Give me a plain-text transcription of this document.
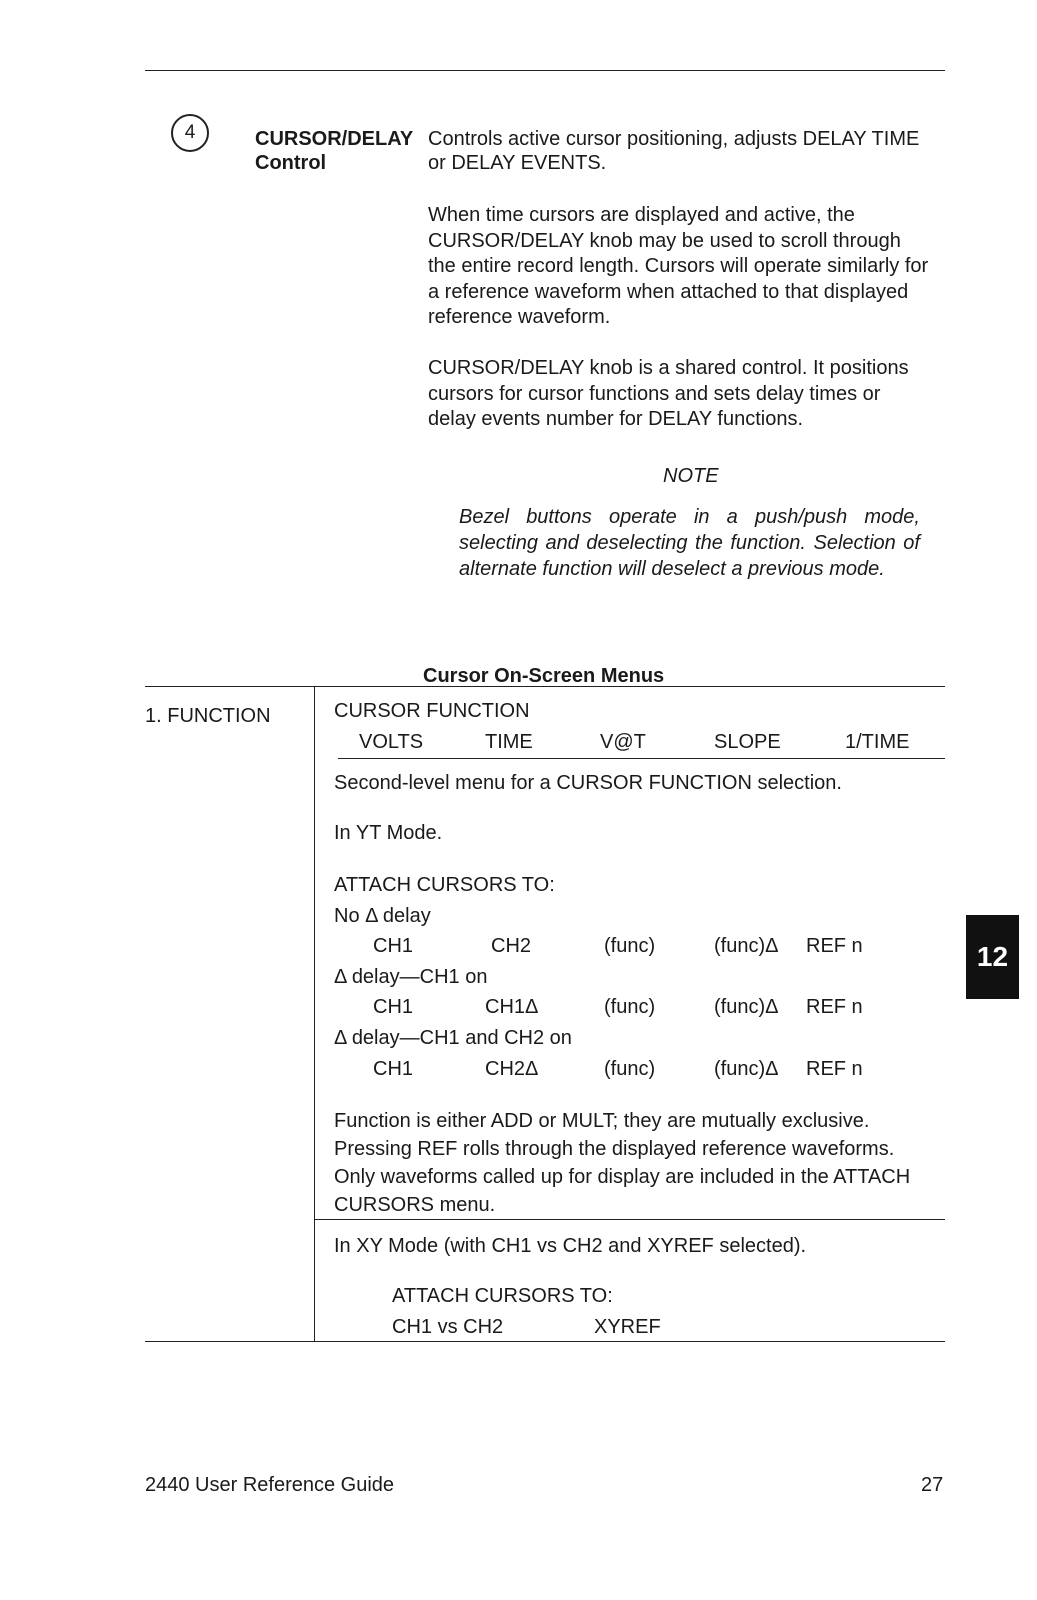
4	CURSOR/DELAY
Control
Controls active cursor positioning, adjusts DELAY TIME
or DELAY EVENTS.
When time cursors are displayed and active, the
CURSOR/DELAY knob may be used to scroll through
the entire record length. Cursors will operate similarly for
a reference waveform when attached to that displayed
reference waveform.
CURSOR/DELAY knob is a shared control. It positions
cursors for cursor functions and sets delay times or
delay events number for DELAY functions.
NOTE

Bezel buttons operate in a push/push mode, selecting and deselecting the function. Selection of alternate function will deselect a previous mode.

Cursor On-Screen Menus
1. FUNCTION	CURSOR FUNCTION
VOLTS	TIME	V@T	SLOPE	1/TIME
Second-level menu for a CURSOR FUNCTION selection.
In YT Mode.
ATTACH CURSORS TO:
No Δ delay
CH1	CH2	(func)	(func)Δ REF n
Δ delay—CH1 on
CH1	CH1Δ	(func)	(func)Δ REF n
Δ delay—CH1 and CH2 on
CH1	CH2Δ	(func)	(func)Δ REF n
Function is either ADD or MULT; they are mutually exclusive.
Pressing REF rolls through the displayed reference waveforms.
Only waveforms called up for display are included in the ATTACH
CURSORS menu.
In XY Mode (with CH1 vs CH2 and XYREF selected).
ATTACH CURSORS TO:
CH1 vs CH2	XYREF
12
2440 User Reference Guide	27
